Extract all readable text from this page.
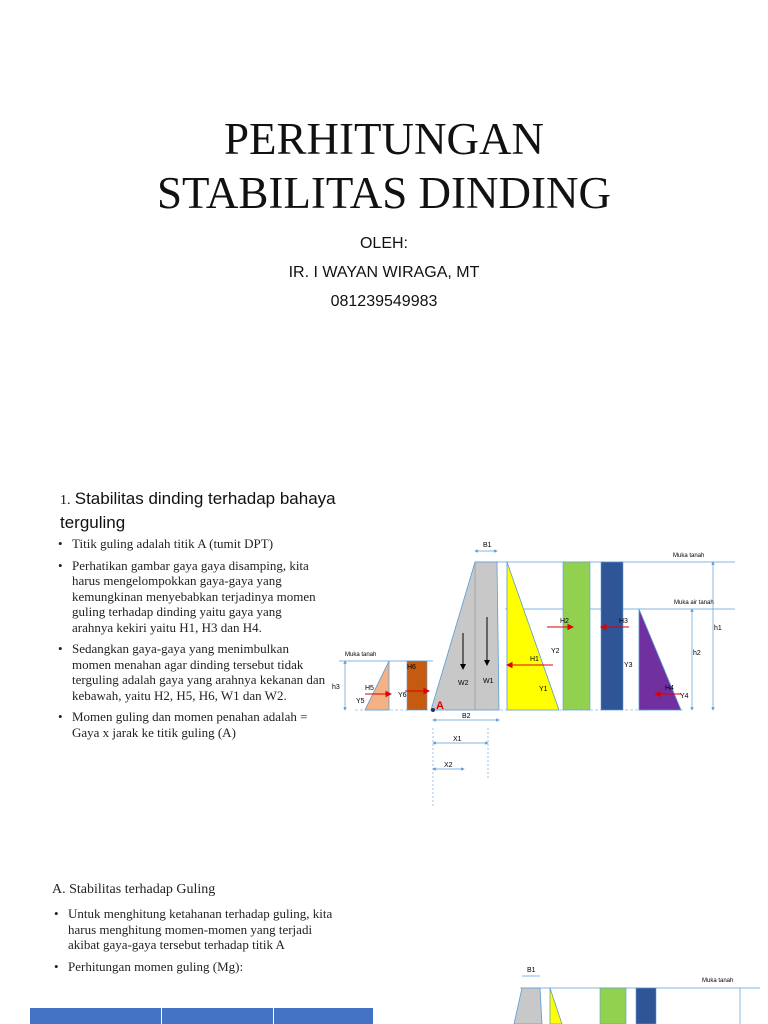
PERHITUNGAN
STABILITAS DINDING
OLEH:
IR. I WAYAN WIRAGA, MT
081239549983
1. Stabilitas dinding terhadap bahaya terguling
• Titik guling adalah titik A (tumit DPT)
• Perhatikan gambar gaya gaya disamping, kita harus mengelompokkan gaya-gaya yang kemungkinan menyebabkan terjadinya momen guling terhadap dinding yaitu gaya yang arahnya kekiri yaitu H1, H3 dan H4.
• Sedangkan gaya-gaya yang menimbulkan momen menahan agar dinding tersebut tidak terguling adalah gaya yang arahnya kekanan dan kebawah, yaitu H2, H5, H6, W1 dan W2.
• Momen guling dan momen penahan adalah = Gaya x jarak ke titik guling (A)
B1
B2
X1
X2
h1
h2
h3
Muka tanah
Muka air tanah
Muka tanah
W2 W1
H1
H2	H3
H4
H5
H6
Y1
Y2
Y3
Y4
Y5
Y6
A
A. Stabilitas terhadap Guling
• Untuk menghitung ketahanan terhadap guling, kita harus menghitung momen-momen yang terjadi akibat gaya-gaya tersebut terhadap titik A
• Perhitungan momen guling (Mg):	B1
Muka tanah
